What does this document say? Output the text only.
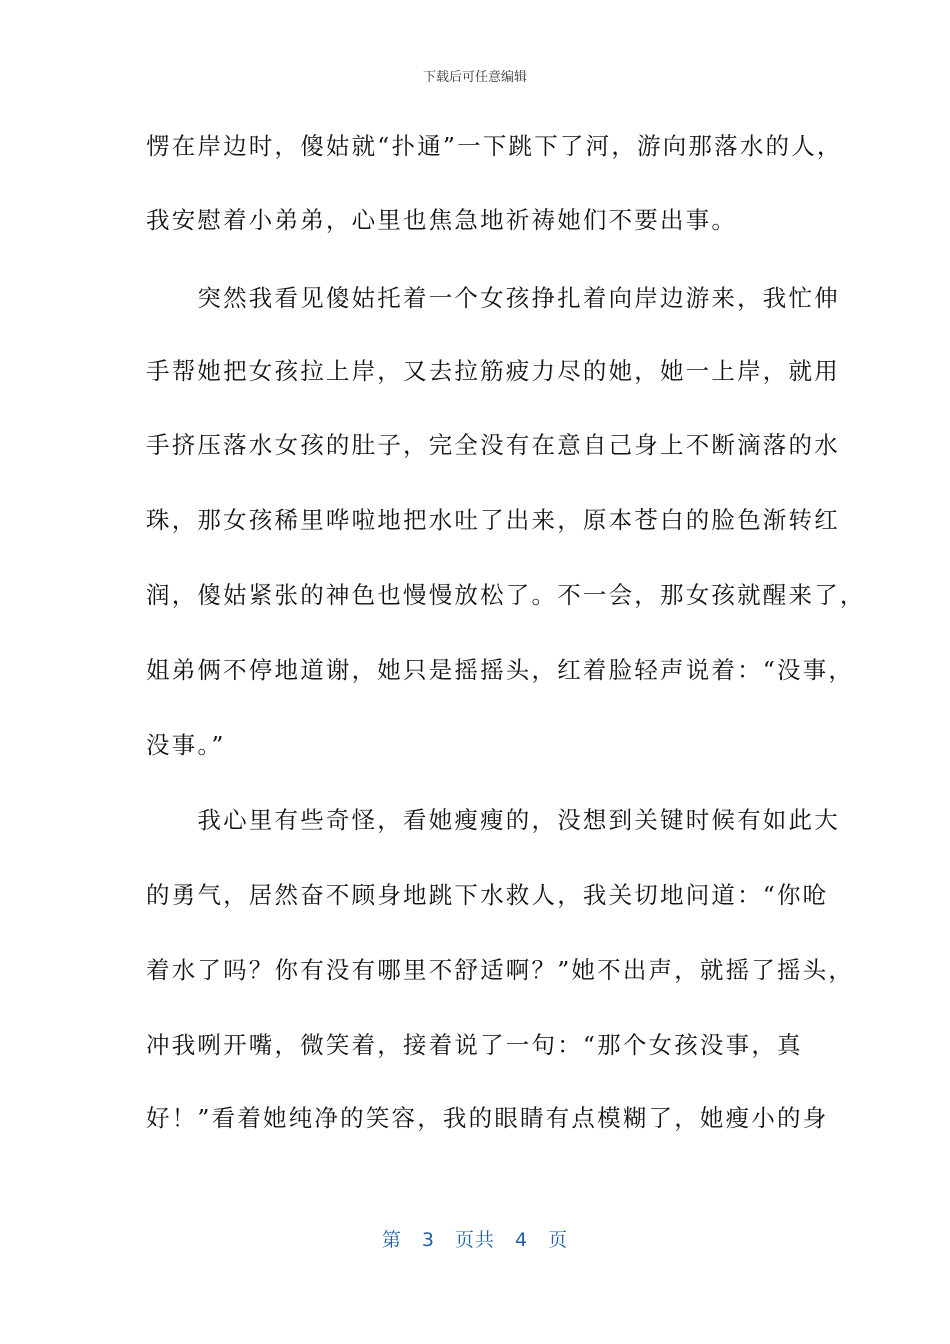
下载后可任意编辑
愣在岸边时，傻姑就“扑通”一下跳下了河，游向那落水的人，
我安慰着小弟弟，心里也焦急地祈祷她们不要出事。
　　突然我看见傻姑托着一个女孩挣扎着向岸边游来，我忙伸
手帮她把女孩拉上岸，又去拉筋疲力尽的她，她一上岸，就用
手挤压落水女孩的肚子，完全没有在意自己身上不断滴落的水
珠，那女孩稀里哗啦地把水吐了出来，原本苍白的脸色渐转红
润，傻姑紧张的神色也慢慢放松了。不一会，那女孩就醒来了，
姐弟俩不停地道谢，她只是摇摇头，红着脸轻声说着：“没事，
没事。”
　　我心里有些奇怪，看她瘦瘦的，没想到关键时候有如此大
的勇气，居然奋不顾身地跳下水救人，我关切地问道：“你呛
着水了吗？你有没有哪里不舒适啊？”她不出声，就摇了摇头，
冲我咧开嘴，微笑着，接着说了一句：“那个女孩没事，真
好！”看着她纯净的笑容，我的眼睛有点模糊了，她瘦小的身
第 3 页共 4 页
